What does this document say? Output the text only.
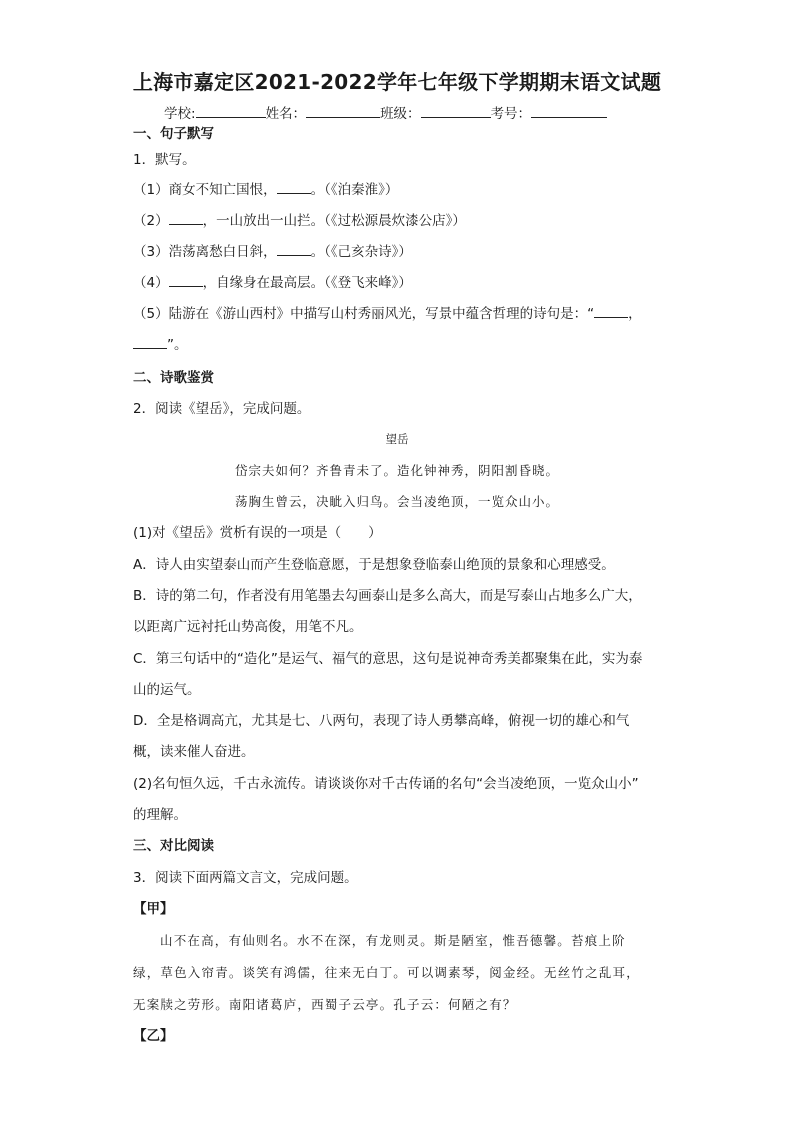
上海市嘉定区2021-2022学年七年级下学期期末语文试题
学校:	姓名：	班级：	考号：
一、句子默写
1．默写。
（1）商女不知亡国恨，	。（《泊秦淮》）
（2）	，一山放出一山拦。（《过松源晨炊漆公店》）
（3）浩荡离愁白日斜，	。（《己亥杂诗》）
（4）	，自缘身在最高层。（《登飞来峰》）
（5）陆游在《游山西村》中描写山村秀丽风光，写景中蕴含哲理的诗句是：“	，
”。
二、诗歌鉴赏
2．阅读《望岳》，完成问题。
望岳
岱宗夫如何？齐鲁青未了。造化钟神秀，阴阳割昏晓。
荡胸生曾云，决眦入归鸟。会当凌绝顶，一览众山小。
(1)对《望岳》赏析有误的一项是（　　）
A．诗人由实望泰山而产生登临意愿，于是想象登临泰山绝顶的景象和心理感受。
B．诗的第二句，作者没有用笔墨去勾画泰山是多么高大，而是写泰山占地多么广大，
以距离广远衬托山势高俊，用笔不凡。
C．第三句话中的“造化”是运气、福气的意思，这句是说神奇秀美都聚集在此，实为泰
山的运气。
D．全是格调高亢，尤其是七、八两句，表现了诗人勇攀高峰，俯视一切的雄心和气
概，读来催人奋进。
(2)名句恒久远，千古永流传。请谈谈你对千古传诵的名句“会当凌绝顶，一览众山小”
的理解。
三、对比阅读
3．阅读下面两篇文言文，完成问题。
【甲】
山不在高，有仙则名。水不在深，有龙则灵。斯是陋室，惟吾德馨。苔痕上阶
绿，草色入帘青。谈笑有鸿儒，往来无白丁。可以调素琴，阅金经。无丝竹之乱耳，
无案牍之劳形。南阳诸葛庐，西蜀子云亭。孔子云：何陋之有？
【乙】
